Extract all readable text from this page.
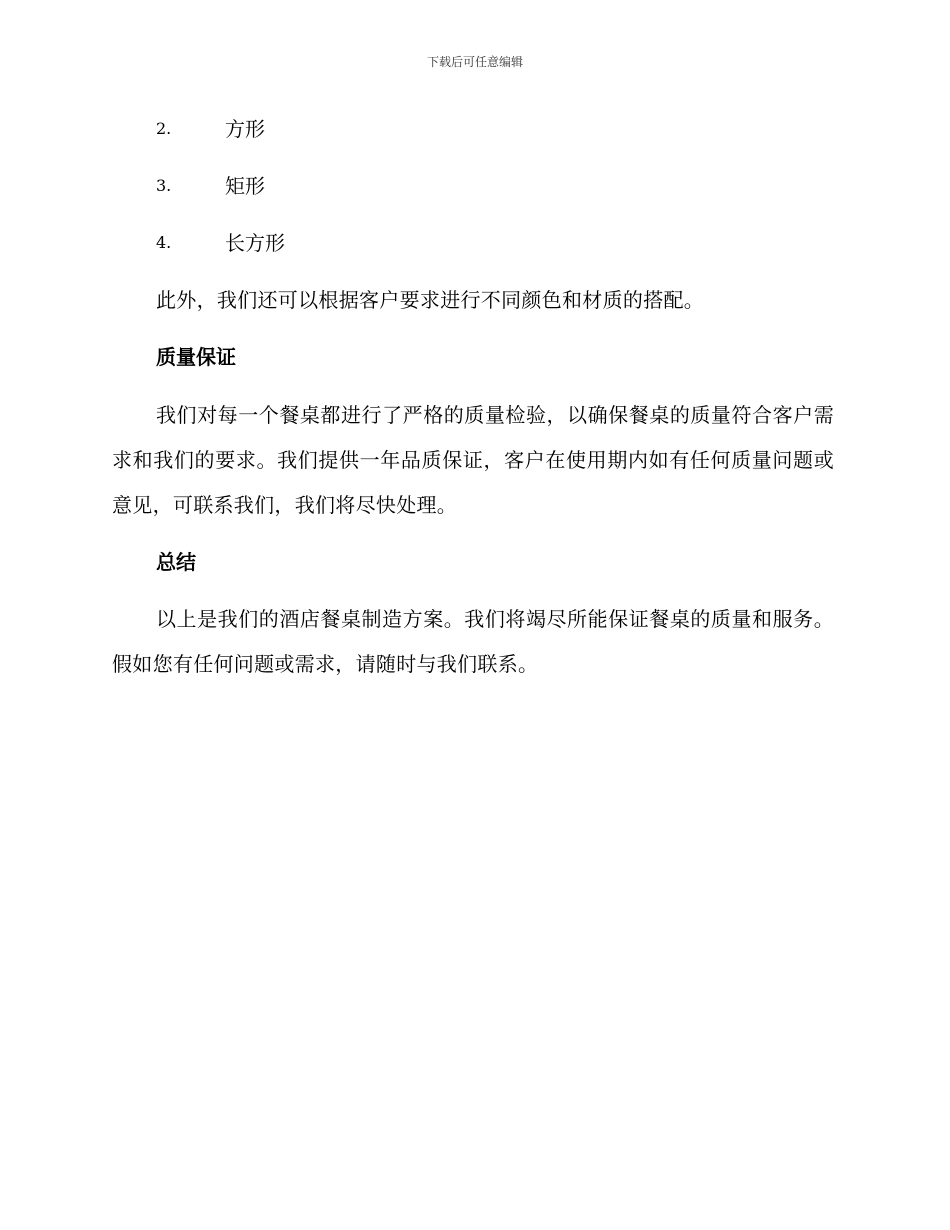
下载后可任意编辑
2.	方形
3.	矩形
4.	长方形

此外，我们还可以根据客户要求进行不同颜色和材质的搭配。

质量保证

我们对每一个餐桌都进行了严格的质量检验，以确保餐桌的质量符合客户需求和我们的要求。我们提供一年品质保证，客户在使用期内如有任何质量问题或意见，可联系我们，我们将尽快处理。

总结

以上是我们的酒店餐桌制造方案。我们将竭尽所能保证餐桌的质量和服务。假如您有任何问题或需求，请随时与我们联系。
